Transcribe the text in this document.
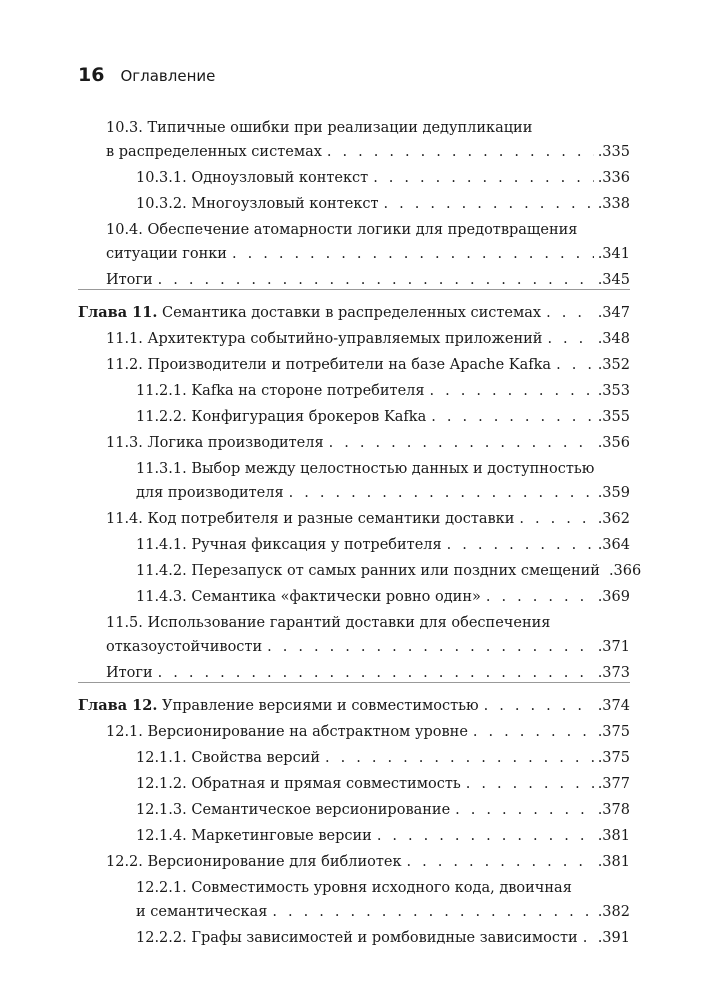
16 Оглавление
10.3. Типичные ошибки при реализации дедупликации
в распределенных системах . . .	.335
10.3.1. Одноузловый контекст . . .	.336
10.3.2. Многоузловый контекст . . .	.338
10.4. Обеспечение атомарности логики для предотвращения
ситуации гонки . . .	.341
Итоги . . .	.345
Глава 11. Семантика доставки в распределенных системах . . .	.347
11.1. Архитектура событийно-управляемых приложений . . .	.348
11.2. Производители и потребители на базе Apache Kafka . . .	.352
11.2.1. Kafka на стороне потребителя . . .	.353
11.2.2. Конфигурация брокеров Kafka . . .	.355
11.3. Логика производителя . . .	.356
11.3.1. Выбор между целостностью данных и доступностью
для производителя . . .	.359
11.4. Код потребителя и разные семантики доставки . . .	.362
11.4.1. Ручная фиксация у потребителя . . .	.364
11.4.2. Перезапуск от самых ранних или поздних смещений .366
11.4.3. Семантика «фактически ровно один» . . .	.369
11.5. Использование гарантий доставки для обеспечения
отказоустойчивости . . .	.371
Итоги . . .	.373
Глава 12. Управление версиями и совместимостью . . .	.374
12.1. Версионирование на абстрактном уровне . . .	.375
12.1.1. Свойства версий . . .	.375
12.1.2. Обратная и прямая совместимость . . .	.377
12.1.3. Семантическое версионирование . . .	.378
12.1.4. Маркетинговые версии . . .	.381
12.2. Версионирование для библиотек . . .	.381
12.2.1. Совместимость уровня исходного кода, двоичная
и семантическая . . .	.382
12.2.2. Графы зависимостей и ромбовидные зависимости . . . .391
